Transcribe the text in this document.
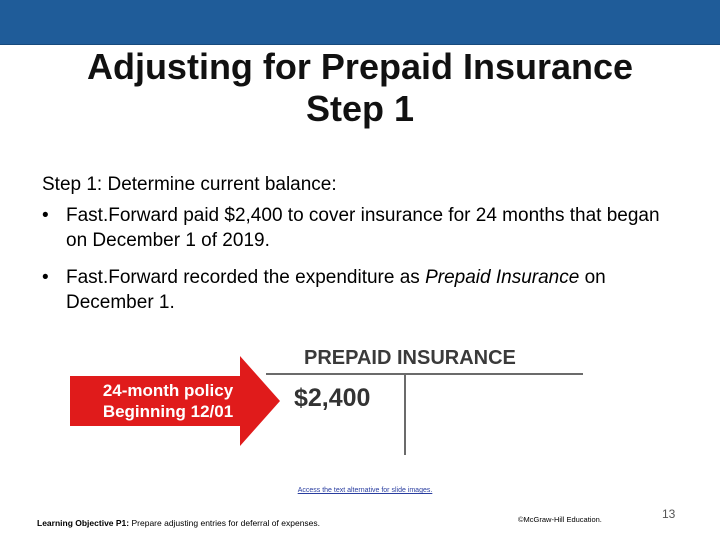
Adjusting for Prepaid Insurance
Step 1
Step 1: Determine current balance:
• Fast.Forward paid $2,400 to cover insurance for 24 months that began on December 1 of 2019.
• Fast.Forward recorded the expenditure as Prepaid Insurance on December 1.
24-month policy
Beginning 12/01
PREPAID INSURANCE
$2,400
Access the text alternative for slide images.
Learning Objective P1: Prepare adjusting entries for deferral of expenses.	©McGraw-Hill Education.	13
